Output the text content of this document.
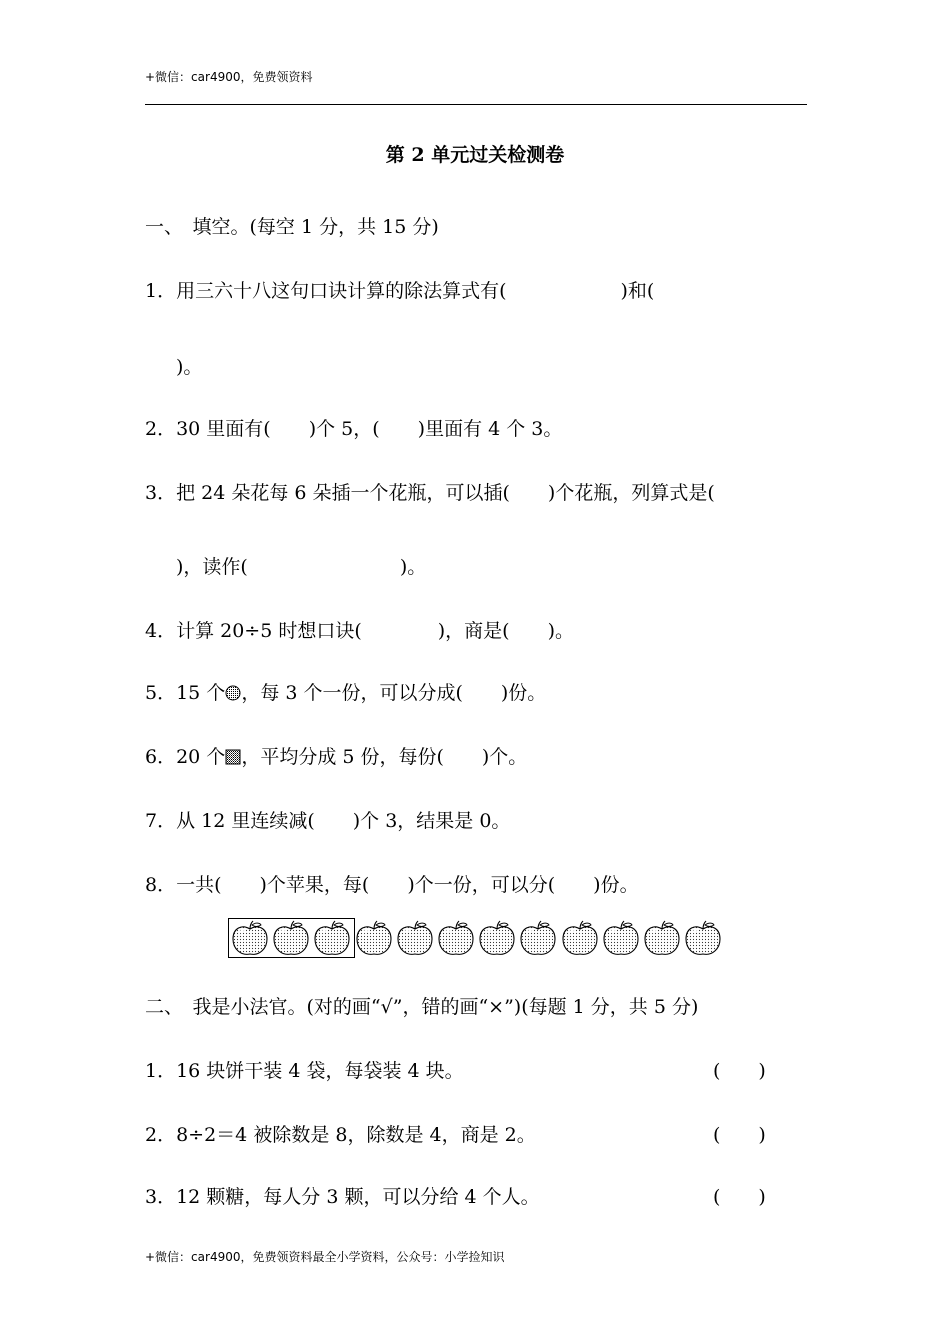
+微信：car4900，免费领资料
第 2 单元过关检测卷
一、　填空。(每空 1 分，共 15 分)
1．用三六十八这句口诀计算的除法算式有(　　　　　　)和(
)。
2．30 里面有(　　)个 5，(　　)里面有 4 个 3。
3．把 24 朵花每 6 朵插一个花瓶，可以插(　　)个花瓶，列算式是(
)，读作(　　　　　　　　)。
4．计算 20÷5 时想口诀(　　　　)，商是(　　)。
5．15 个 ，每 3 个一份，可以分成(　　)份。
6．20 个 ，平均分成 5 份，每份(　　)个。
7．从 12 里连续减(　　)个 3，结果是 0。
8．一共(　　)个苹果，每(　　)个一份，可以分(　　)份。
二、　我是小法官。(对的画“√”，错的画“×”)(每题 1 分，共 5 分)
1．16 块饼干装 4 袋，每袋装 4 块。	(　　)
2．8÷2＝4 被除数是 8，除数是 4，商是 2。	(　　)
3．12 颗糖，每人分 3 颗，可以分给 4 个人。	(　　)
+微信：car4900，免费领资料最全小学资料，公众号：小学捡知识
